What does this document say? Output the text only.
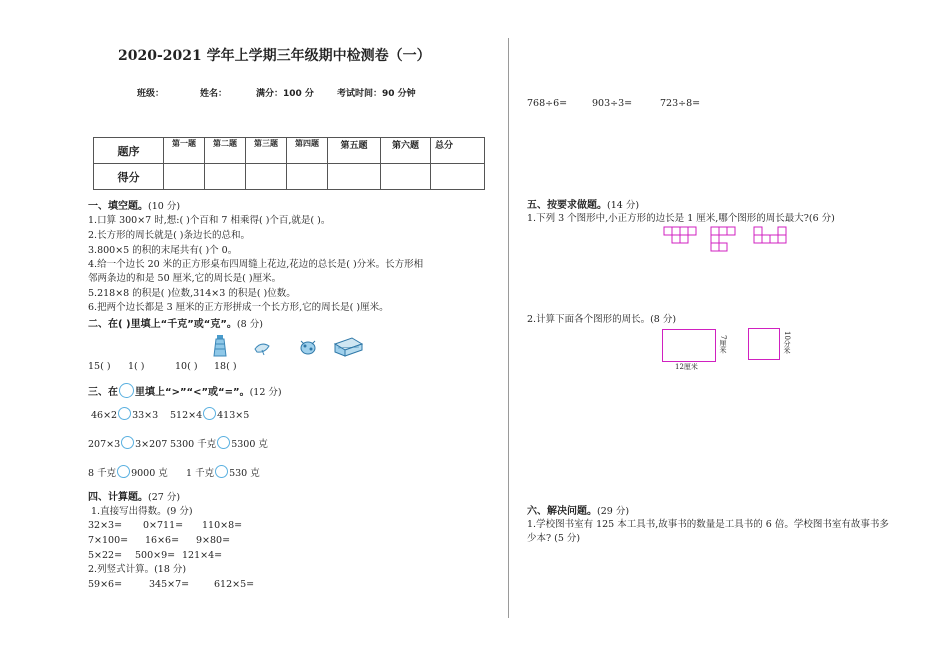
2020-2021 学年上学期三年级期中检测卷（一）
班级：	姓名：	满分：100 分	考试时间：90 分钟
题序	第一题	第二题	第三题	第四题	第五题	第六题	总分
得分							
一、填空题。(10 分)
1.口算 300×7 时,想:( )个百和 7 相乘得( )个百,就是( )。
2.长方形的周长就是( )条边长的总和。
3.800×5 的积的末尾共有( )个 0。
4.给一个边长 20 米的正方形桌布四周缝上花边,花边的总长是( )分米。长方形相
邻两条边的和是 50 厘米,它的周长是( )厘米。
5.218×8 的积是( )位数,314×3 的积是( )位数。
6.把两个边长都是 3 厘米的正方形拼成一个长方形,它的周长是( )厘米。
二、在( )里填上“千克”或“克”。(8 分)
15( ) 1( )	10( ) 18( )
三、在 里填上“>”“<”或“=”。(12 分)
46×2 33×3 512×4 413×5
207×3 3×207 5300 千克 5300 克
8 千克 9000 克 1 千克 530 克
四、计算题。(27 分)
1.直接写出得数。(9 分)
32×3= 0×711= 110×8=
7×100= 16×6= 9×80=
5×22= 500×9= 121×4=
2.列竖式计算。(18 分)
59×6=	345×7=	612×5=
768÷6=	903÷3=	723÷8=
五、按要求做题。(14 分)
1.下列 3 个图形中,小正方形的边长是 1 厘米,哪个图形的周长最大?(6 分)
2.计算下面各个图形的周长。(8 分)
12厘米
7厘米	10分米
六、解决问题。(29 分)
1.学校图书室有 125 本工具书,故事书的数量是工具书的 6 倍。学校图书室有故事书多
少本? (5 分)
